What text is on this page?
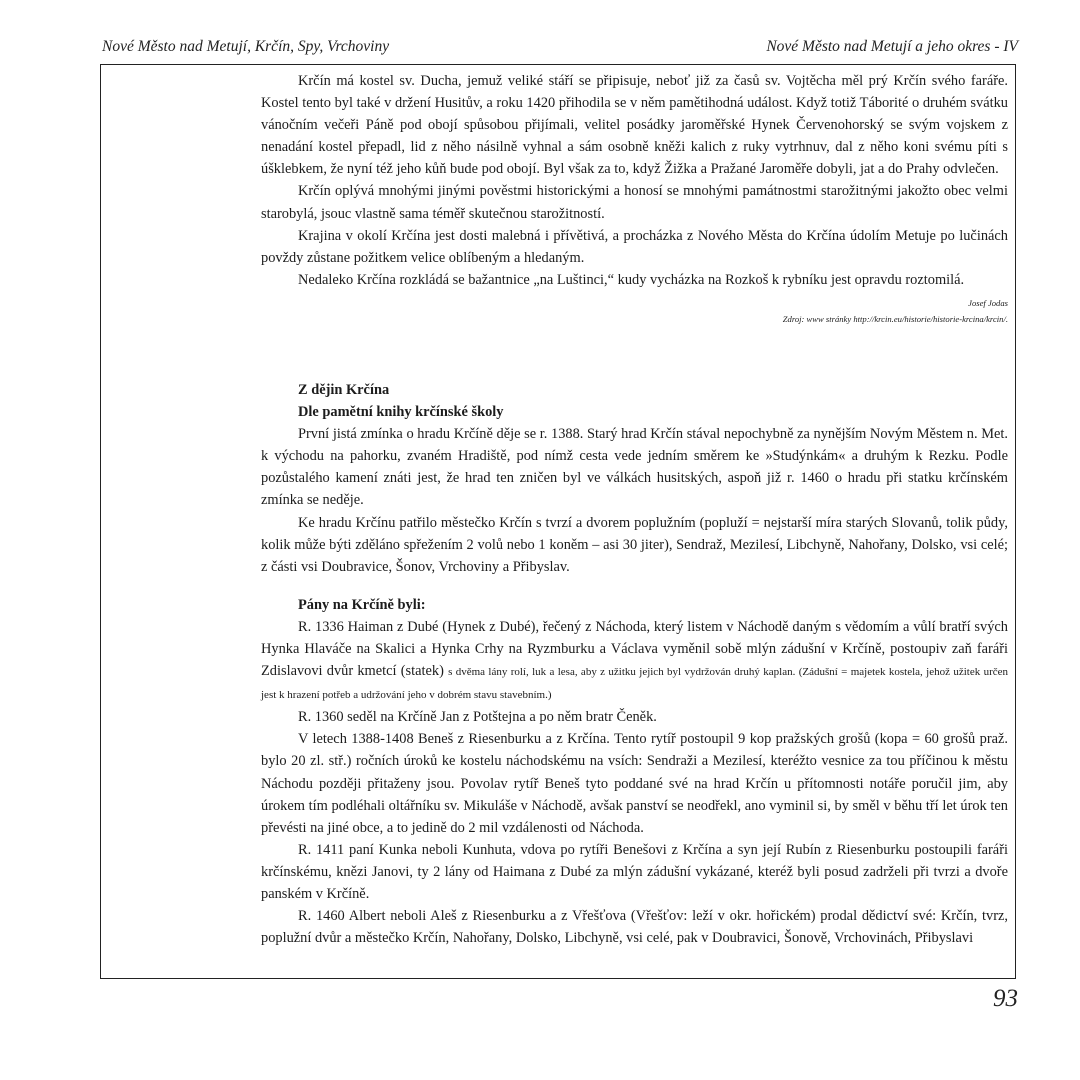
Nové Město nad Metují, Krčín, Spy, Vrchoviny	Nové Město nad Metují a jeho okres - IV

Krčín má kostel sv. Ducha, jemuž veliké stáří se připisuje, neboť již za časů sv. Vojtěcha měl prý Krčín svého faráře. Kostel tento byl také v držení Husitův, a roku 1420 přihodila se v něm pamětihodná událost. Když totiž Táborité o druhém svátku vánočním večeři Páně pod obojí spůsobou přijímali, velitel posádky jaroměřské Hynek Červenohorský se svým vojskem z nenadání kostel přepadl, lid z něho násilně vyhnal a sám osobně kněži kalich z ruky vytrhnuv, dal z něho koni svému píti s úšklebkem, že nyní též jeho kůň bude pod obojí. Byl však za to, když Žižka a Pražané Jaroměře dobyli, jat a do Prahy odvlečen.

Krčín oplývá mnohými jinými pověstmi historickými a honosí se mnohými památnostmi starožitnými jakožto obec velmi starobylá, jsouc vlastně sama téměř skutečnou starožitností.

Krajina v okolí Krčína jest dosti malebná i přívětivá, a procházka z Nového Města do Krčína údolím Metuje po lučinách povždy zůstane požitkem velice oblíbeným a hledaným.

Nedaleko Krčína rozkládá se bažantnice „na Luštinci,“ kudy vycházka na Rozkoš k rybníku jest opravdu roztomilá.

Josef Jodas

Zdroj: www stránky http://krcin.eu/historie/historie-krcina/krcin/.

Z dějin Krčína

Dle pamětní knihy krčínské školy

První jistá zmínka o hradu Krčíně děje se r. 1388. Starý hrad Krčín stával nepochybně za nynějším Novým Městem n. Met. k východu na pahorku, zvaném Hradiště, pod nímž cesta vede jedním směrem ke »Studýnkám« a druhým k Rezku. Podle pozůstalého kamení znáti jest, že hrad ten zničen byl ve válkách husitských, aspoň již r. 1460 o hradu při statku krčínském zmínka se neděje.

Ke hradu Krčínu patřilo městečko Krčín s tvrzí a dvorem poplužním (popluží = nejstarší míra starých Slovanů, tolik půdy, kolik může býti zděláno spřežením 2 volů nebo 1 koněm – asi 30 jiter), Sendraž, Mezilesí, Libchyně, Nahořany, Dolsko, vsi celé; z části vsi Doubravice, Šonov, Vrchoviny a Přibyslav.

Pány na Krčíně byli:

R. 1336 Haiman z Dubé (Hynek z Dubé), řečený z Náchoda, který listem v Náchodě daným s vědomím a vůlí bratří svých Hynka Hlaváče na Skalici a Hynka Crhy na Ryzmburku a Václava vyměnil sobě mlýn zádušní v Krčíně, postoupiv zaň faráři Zdislavovi dvůr kmetcí (statek) s dvěma lány rolí, luk a lesa, aby z užitku jejich byl vydržován druhý kaplan. (Zádušní = majetek kostela, jehož užitek určen jest k hrazení potřeb a udržování jeho v dobrém stavu stavebním.)

R. 1360 seděl na Krčíně Jan z Potštejna a po něm bratr Čeněk.

V letech 1388-1408 Beneš z Riesenburku a z Krčína. Tento rytíř postoupil 9 kop pražských grošů (kopa = 60 grošů praž. bylo 20 zl. stř.) ročních úroků ke kostelu náchodskému na vsích: Sendraži a Mezilesí, kteréžto vesnice za tou příčinou k městu Náchodu později přitaženy jsou. Povolav rytíř Beneš tyto poddané své na hrad Krčín u přítomnosti notáře poručil jim, aby úrokem tím podléhali oltářníku sv. Mikuláše v Náchodě, avšak panství se neodřekl, ano vyminil si, by směl v běhu tří let úrok ten převésti na jiné obce, a to jedině do 2 mil vzdálenosti od Náchoda.

R. 1411 paní Kunka neboli Kunhuta, vdova po rytíři Benešovi z Krčína a syn její Rubín z Riesenburku postoupili faráři krčínskému, knězi Janovi, ty 2 lány od Haimana z Dubé za mlýn zádušní vykázané, kteréž byli posud zadrželi při tvrzi a dvoře panském v Krčíně.

R. 1460 Albert neboli Aleš z Riesenburku a z Vřešťova (Vřešťov: leží v okr. hořickém) prodal dědictví své: Krčín, tvrz, poplužní dvůr a městečko Krčín, Nahořany, Dolsko, Libchyně, vsi celé, pak v Doubravici, Šonově, Vrchovinách, Přibyslavi

93
